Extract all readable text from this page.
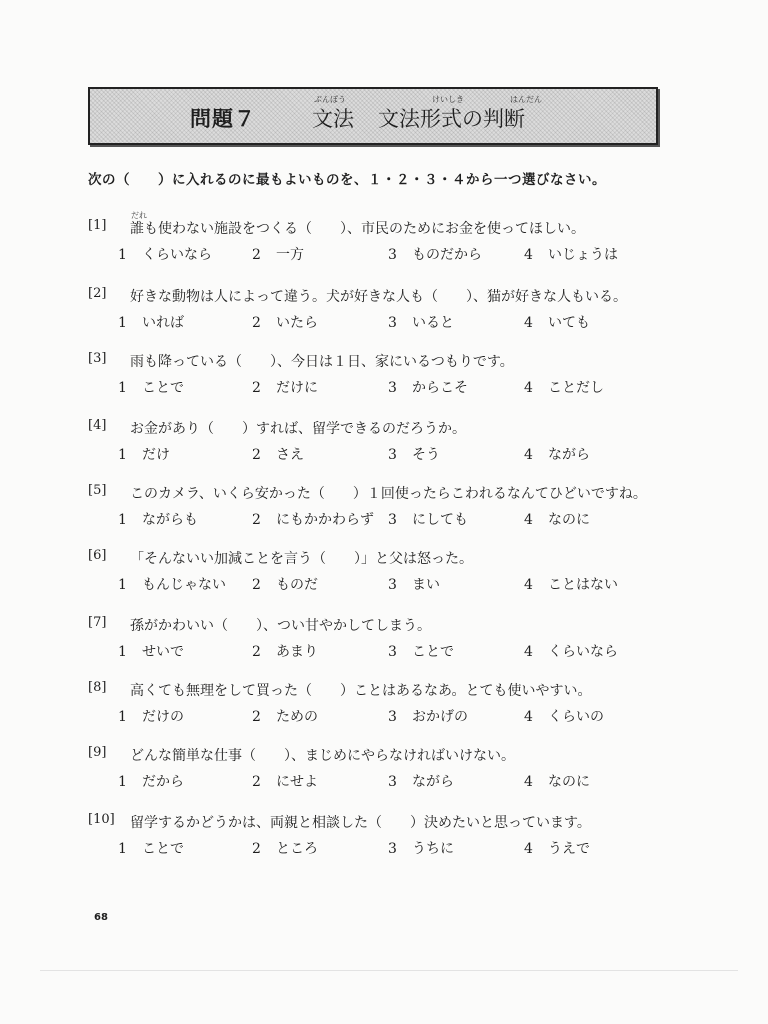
問題７
ぶんぽう
文法
けいしき	はんだん
文法形式の判断
次の（　　）に入れるのに最もよいものを、１・２・３・４から一つ選びなさい。
だれ
[1] 誰も使わない施設をつくる（　　）、市民のためにお金を使ってほしい。
1 くらいなら	2 一方	3 ものだから	4 いじょうは
[2] 好きな動物は人によって違う。犬が好きな人も（　　）、猫が好きな人もいる。
1 いれば	2 いたら	3 いると	4 いても
[3] 雨も降っている（　　）、今日は１日、家にいるつもりです。
1 ことで	2 だけに	3 からこそ	4 ことだし
[4] お金があり（　　）すれば、留学できるのだろうか。
1 だけ	2 さえ	3 そう	4 ながら
[5] このカメラ、いくら安かった（　　）１回使ったらこわれるなんてひどいですね。
1 ながらも	2 にもかかわらず 3 にしても	4 なのに
[6] 「そんないい加減ことを言う（　　）」と父は怒った。
1 もんじゃない 2 ものだ	3 まい	4 ことはない
[7] 孫がかわいい（　　）、つい甘やかしてしまう。
1 せいで	2 あまり	3 ことで	4 くらいなら
[8] 高くても無理をして買った（　　）ことはあるなあ。とても使いやすい。
1 だけの	2 ための	3 おかげの	4 くらいの
[9] どんな簡単な仕事（　　）、まじめにやらなければいけない。
1 だから	2 にせよ	3 ながら	4 なのに
[10] 留学するかどうかは、両親と相談した（　　）決めたいと思っています。
1 ことで	2 ところ	3 うちに	4 うえで
68
